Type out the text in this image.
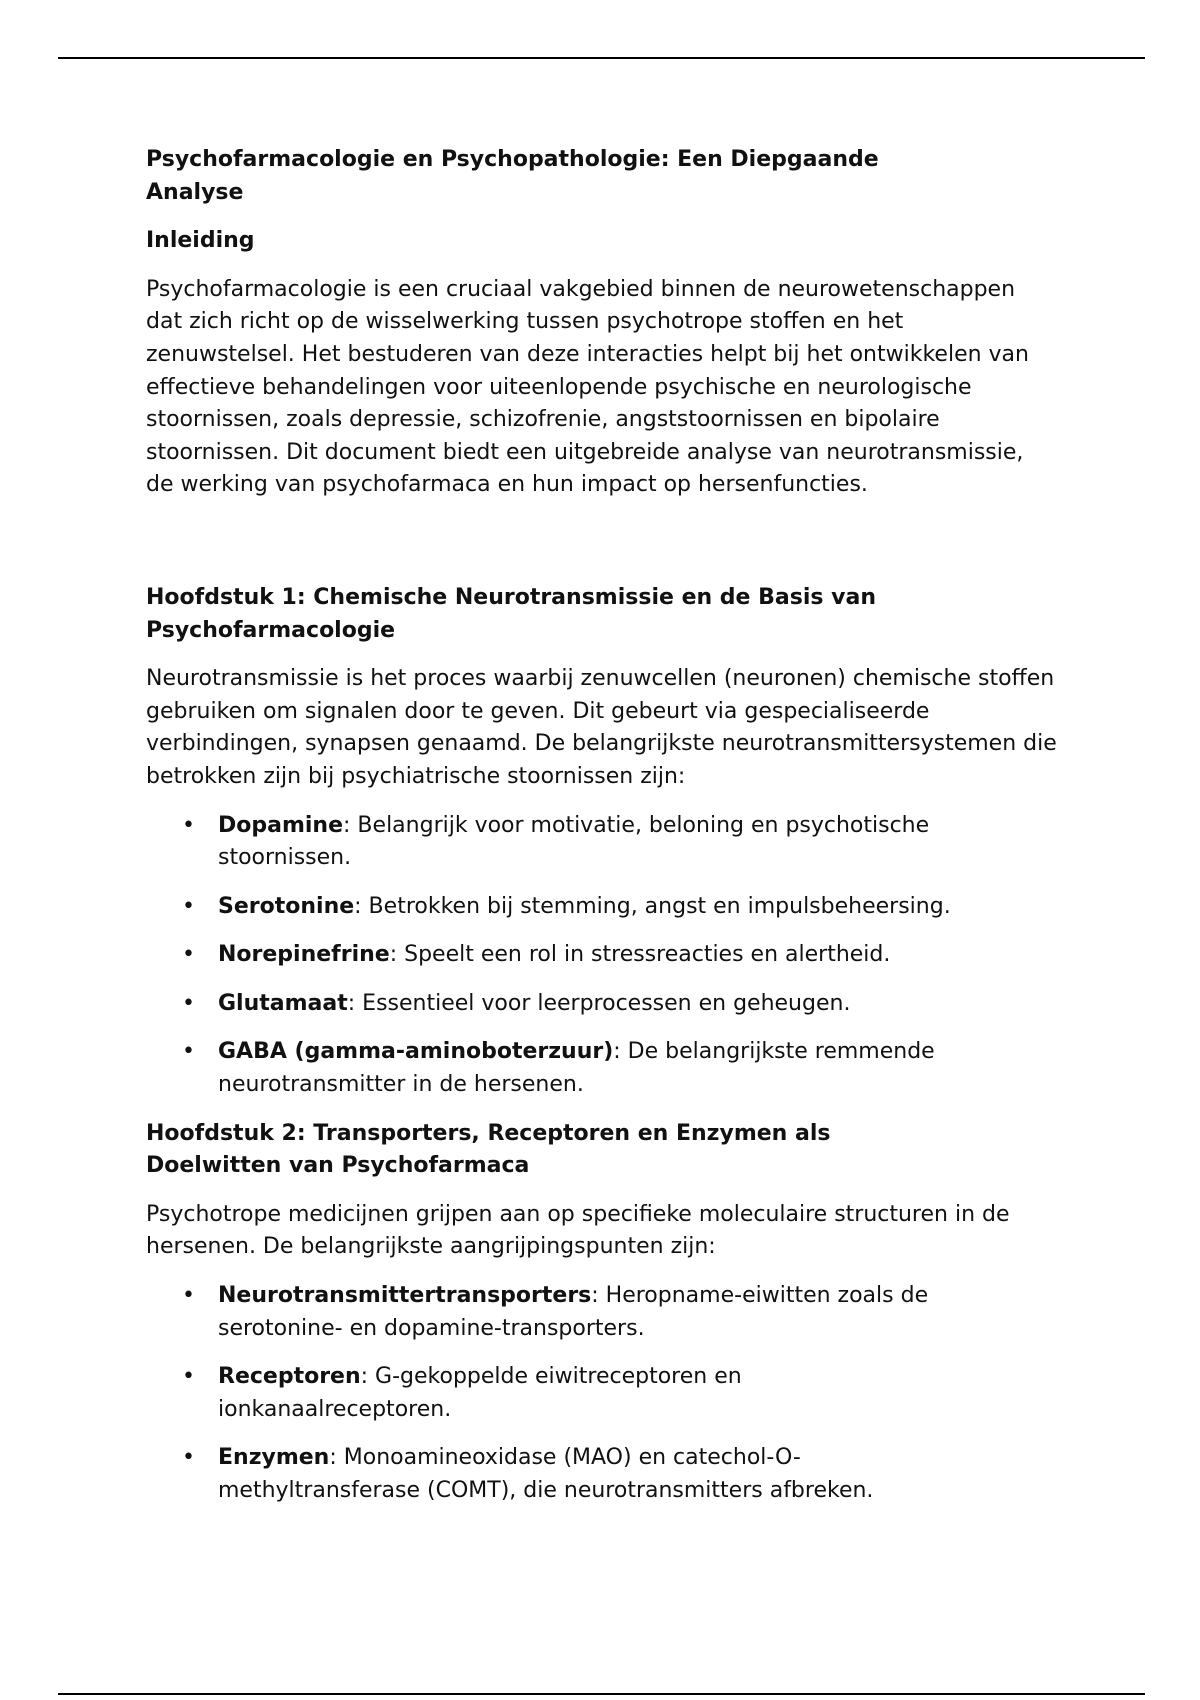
Psychofarmacologie en Psychopathologie: Een Diepgaande Analyse
Inleiding
Psychofarmacologie is een cruciaal vakgebied binnen de neurowetenschappen dat zich richt op de wisselwerking tussen psychotrope stoffen en het zenuwstelsel. Het bestuderen van deze interacties helpt bij het ontwikkelen van effectieve behandelingen voor uiteenlopende psychische en neurologische stoornissen, zoals depressie, schizofrenie, angststoornissen en bipolaire stoornissen. Dit document biedt een uitgebreide analyse van neurotransmissie, de werking van psychofarmaca en hun impact op hersenfuncties.
Hoofdstuk 1: Chemische Neurotransmissie en de Basis van Psychofarmacologie
Neurotransmissie is het proces waarbij zenuwcellen (neuronen) chemische stoffen gebruiken om signalen door te geven. Dit gebeurt via gespecialiseerde verbindingen, synapsen genaamd. De belangrijkste neurotransmittersystemen die betrokken zijn bij psychiatrische stoornissen zijn:
• Dopamine: Belangrijk voor motivatie, beloning en psychotische stoornissen.
• Serotonine: Betrokken bij stemming, angst en impulsbeheersing.
• Norepinefrine: Speelt een rol in stressreacties en alertheid.
• Glutamaat: Essentieel voor leerprocessen en geheugen.
• GABA (gamma-aminoboterzuur): De belangrijkste remmende neurotransmitter in de hersenen.
Hoofdstuk 2: Transporters, Receptoren en Enzymen als Doelwitten van Psychofarmaca
Psychotrope medicijnen grijpen aan op specifieke moleculaire structuren in de hersenen. De belangrijkste aangrijpingspunten zijn:
• Neurotransmittertransporters: Heropname-eiwitten zoals de serotonine- en dopamine-transporters.
• Receptoren: G-gekoppelde eiwitreceptoren en ionkanaalreceptoren.
• Enzymen: Monoamineoxidase (MAO) en catechol-O-methyltransferase (COMT), die neurotransmitters afbreken.
